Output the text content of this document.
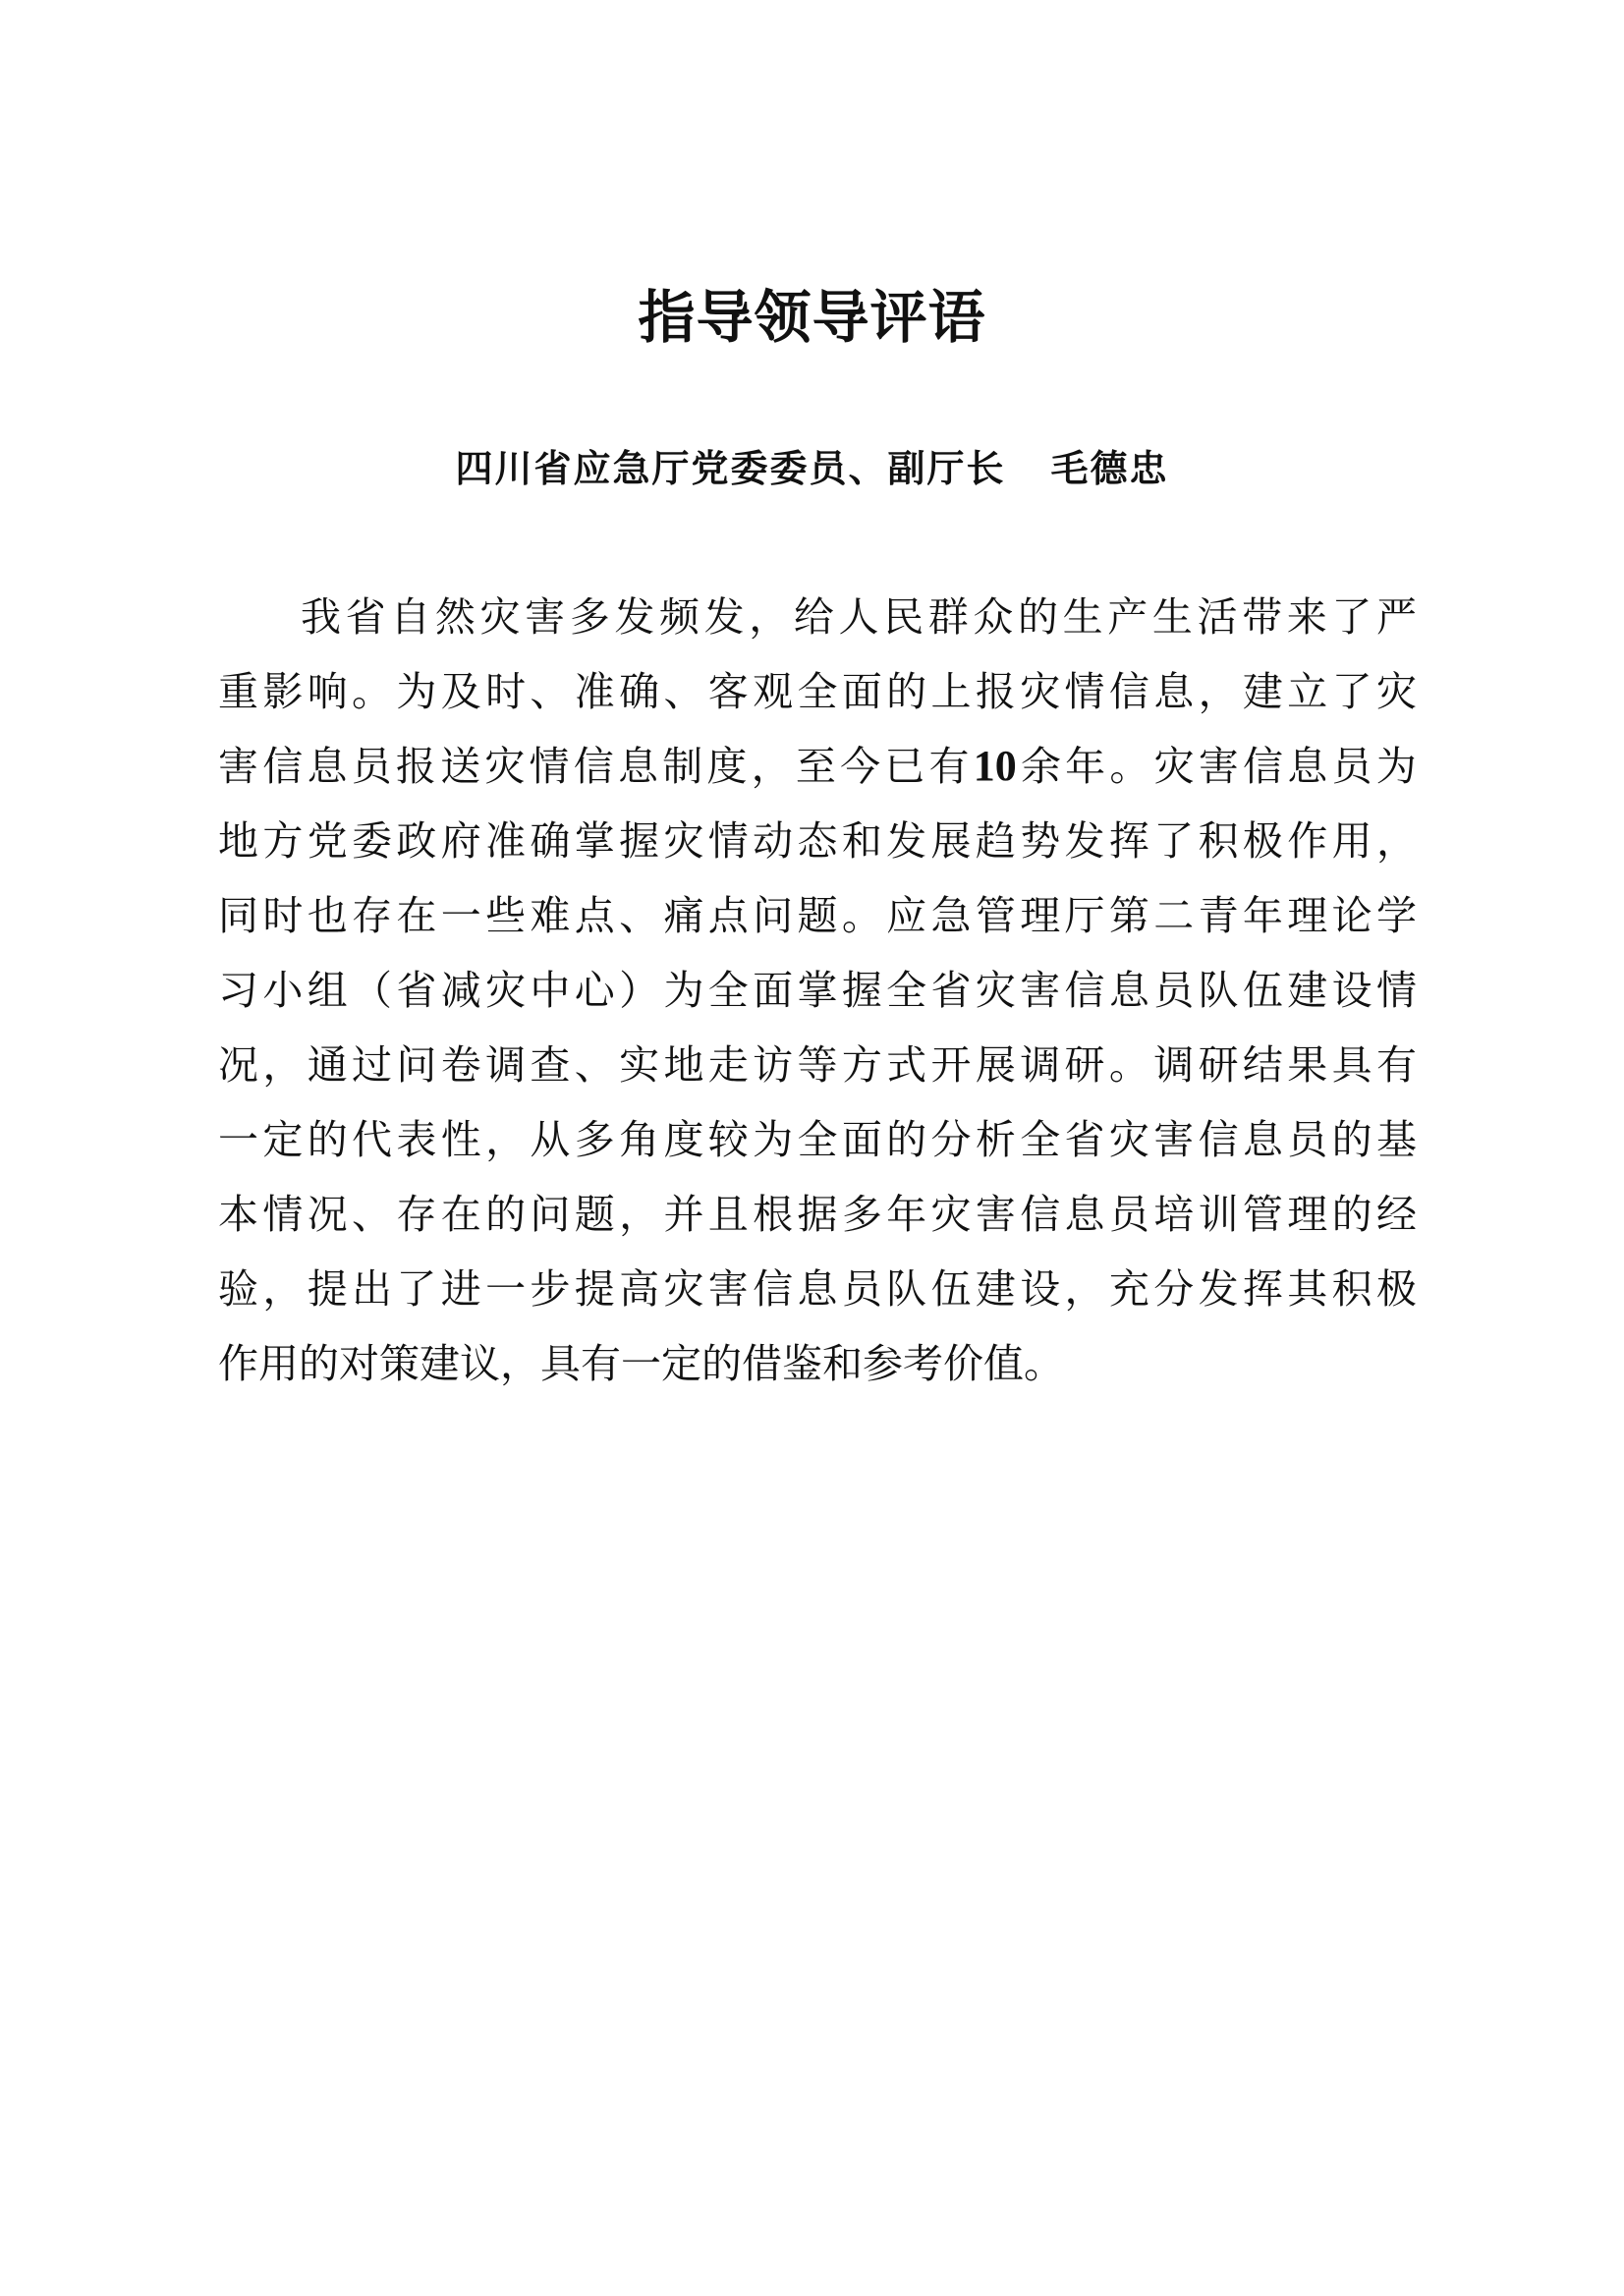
指导领导评语
四川省应急厅党委委员、副厅长 毛德忠
我 省 自 然 灾 害 多 发 频 发 ， 给 人 民 群 众 的 生 产 生 活 带 来 了 严
重 影 响 。 为 及 时 、 准 确 、 客 观 全 面 的 上 报 灾 情 信 息 ， 建 立 了 灾
害 信 息 员 报 送 灾 情 信 息 制 度 ， 至 今 已 有 10 余 年 。 灾 害 信 息 员 为
地 方 党 委 政 府 准 确 掌 握 灾 情 动 态 和 发 展 趋 势 发 挥 了 积 极 作 用 ，
同 时 也 存 在 一 些 难 点 、 痛 点 问 题 。 应 急 管 理 厅 第 二 青 年 理 论 学
习 小 组 （ 省 减 灾 中 心 ） 为 全 面 掌 握 全 省 灾 害 信 息 员 队 伍 建 设 情
况 ， 通 过 问 卷 调 查 、 实 地 走 访 等 方 式 开 展 调 研 。 调 研 结 果 具 有
一 定 的 代 表 性 ， 从 多 角 度 较 为 全 面 的 分 析 全 省 灾 害 信 息 员 的 基
本 情 况 、 存 在 的 问 题 ， 并 且 根 据 多 年 灾 害 信 息 员 培 训 管 理 的 经
验 ， 提 出 了 进 一 步 提 高 灾 害 信 息 员 队 伍 建 设 ， 充 分 发 挥 其 积 极
作 用 的 对 策 建 议 ， 具 有 一 定 的 借 鉴 和 参 考 价 值 。
